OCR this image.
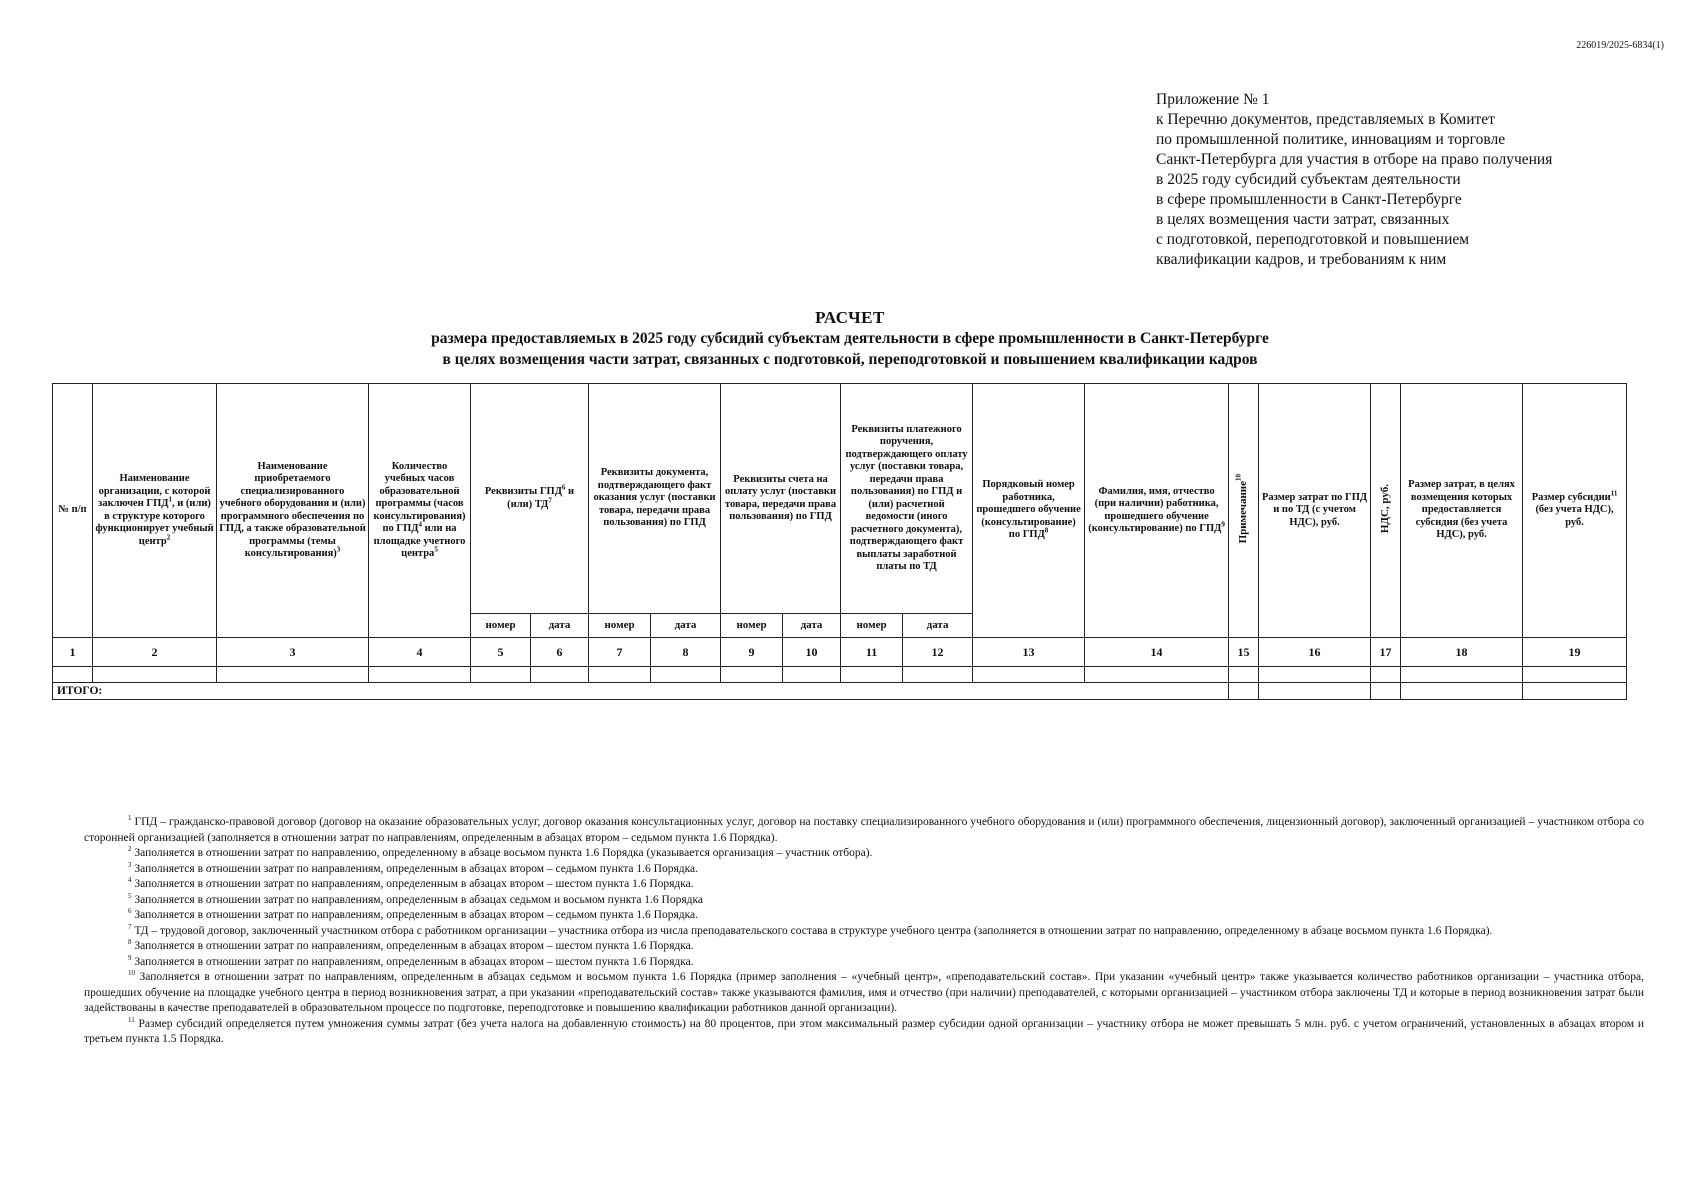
226019/2025-6834(1)
Приложение № 1
к Перечню документов, представляемых в Комитет
по промышленной политике, инновациям и торговле
Санкт-Петербурга для участия в отборе на право получения
в 2025 году субсидий субъектам деятельности
в сфере промышленности в Санкт-Петербурге
в целях возмещения части затрат, связанных
с подготовкой, переподготовкой и повышением
квалификации кадров, и требованиям к ним
РАСЧЕТ
размера предоставляемых в 2025 году субсидий субъектам деятельности в сфере промышленности в Санкт-Петербурге
в целях возмещения части затрат, связанных с подготовкой, переподготовкой и повышением квалификации кадров
№ п/п	Наименование организации, с которой заключен ГПД$^1$, и (или) в структуре которого функционирует учебный центр$^2$	Наименование приобретаемого специализированного учебного оборудования и (или) программного обеспечения по ГПД, а также образовательной программы (темы консультирования)$^3$	Количество учебных часов образовательной программы (часов консультирования) по ГПД$^4$ или на площадке учетного центра$^5$	Реквизиты ГПД$^6$ и (или) $ТД^7$		Реквизиты документа, подтверждающего факт оказания услуг (поставки товара, передачи права пользования) по ГПД		Реквизиты счета на оплату услуг (поставки товара, передачи права пользования) по ГПД		Реквизиты платежного поручения, подтверждающего оплату услуг (поставки товара, передачи права пользования) по ГПД и (или) расчетной ведомости (иного расчетного документа), подтверждающего факт выплаты заработной платы по ТД		Порядковый номер работника, прошедшего обучение (консультирование) по ГПД$^8$	Фамилия, имя, отчество (при наличии) работника, прошедшего обучение (консультирование) по ГПД$^9$	Примечание$^{10}$	Размер затрат по ГПД и по ТД (с учетом НДС), руб.	НДС, руб.	Размер затрат, в целях возмещения которых предоставляется субсидия (без учета НДС), руб.	Размер субсидии$^{11}$ (без учета НДС), руб.
				номер	дата	номер	дата	номер	дата	номер	дата							
1	2	3	4	5	6	7	8	9	10	11	12	13	14	15	16	17	18	19

ИТОГО:																		

$^1$ ГПД – гражданско-правовой договор (договор на оказание образовательных услуг, договор оказания консультационных услуг, договор на поставку специализированного учебного оборудования и (или) программного обеспечения, лицензионный договор), заключенный организацией – участником отбора со сторонней организацией (заполняется в отношении затрат по направлениям, определенным в абзацах втором – седьмом пункта 1.6 Порядка).

$^2$ Заполняется в отношении затрат по направлению, определенному в абзаце восьмом пункта 1.6 Порядка (указывается организация – участник отбора).

$^3$ Заполняется в отношении затрат по направлениям, определенным в абзацах втором – седьмом пункта 1.6 Порядка.

$^4$ Заполняется в отношении затрат по направлениям, определенным в абзацах втором – шестом пункта 1.6 Порядка.

$^5$ Заполняется в отношении затрат по направлениям, определенным в абзацах седьмом и восьмом пункта 1.6 Порядка

$^6$ Заполняется в отношении затрат по направлениям, определенным в абзацах втором – седьмом пункта 1.6 Порядка.

$^7$ ТД – трудовой договор, заключенный участником отбора с работником организации – участника отбора из числа преподавательского состава в структуре учебного центра (заполняется в отношении затрат по направлению, определенному в абзаце восьмом пункта 1.6 Порядка).

$^8$ Заполняется в отношении затрат по направлениям, определенным в абзацах втором – шестом пункта 1.6 Порядка.

$^9$ Заполняется в отношении затрат по направлениям, определенным в абзацах втором – шестом пункта 1.6 Порядка.

$^{10}$ Заполняется в отношении затрат по направлениям, определенным в абзацах седьмом и восьмом пункта 1.6 Порядка (пример заполнения – «учебный центр», «преподавательский состав». При указании «учебный центр» также указывается количество работников организации – участника отбора, прошедших обучение на площадке учебного центра в период возникновения затрат, а при указании «преподавательский состав» также указываются фамилия, имя и отчество (при наличии) преподавателей, с которыми организацией – участником отбора заключены ТД и которые в период возникновения затрат были задействованы в качестве преподавателей в образовательном процессе по подготовке, переподготовке и повышению квалификации работников данной организации).

$^{11}$ Размер субсидий определяется путем умножения суммы затрат (без учета налога на добавленную стоимость) на 80 процентов, при этом максимальный размер субсидии одной организации – участнику отбора не может превышать 5 млн. руб. с учетом ограничений, установленных в абзацах втором и третьем пункта 1.5 Порядка.
